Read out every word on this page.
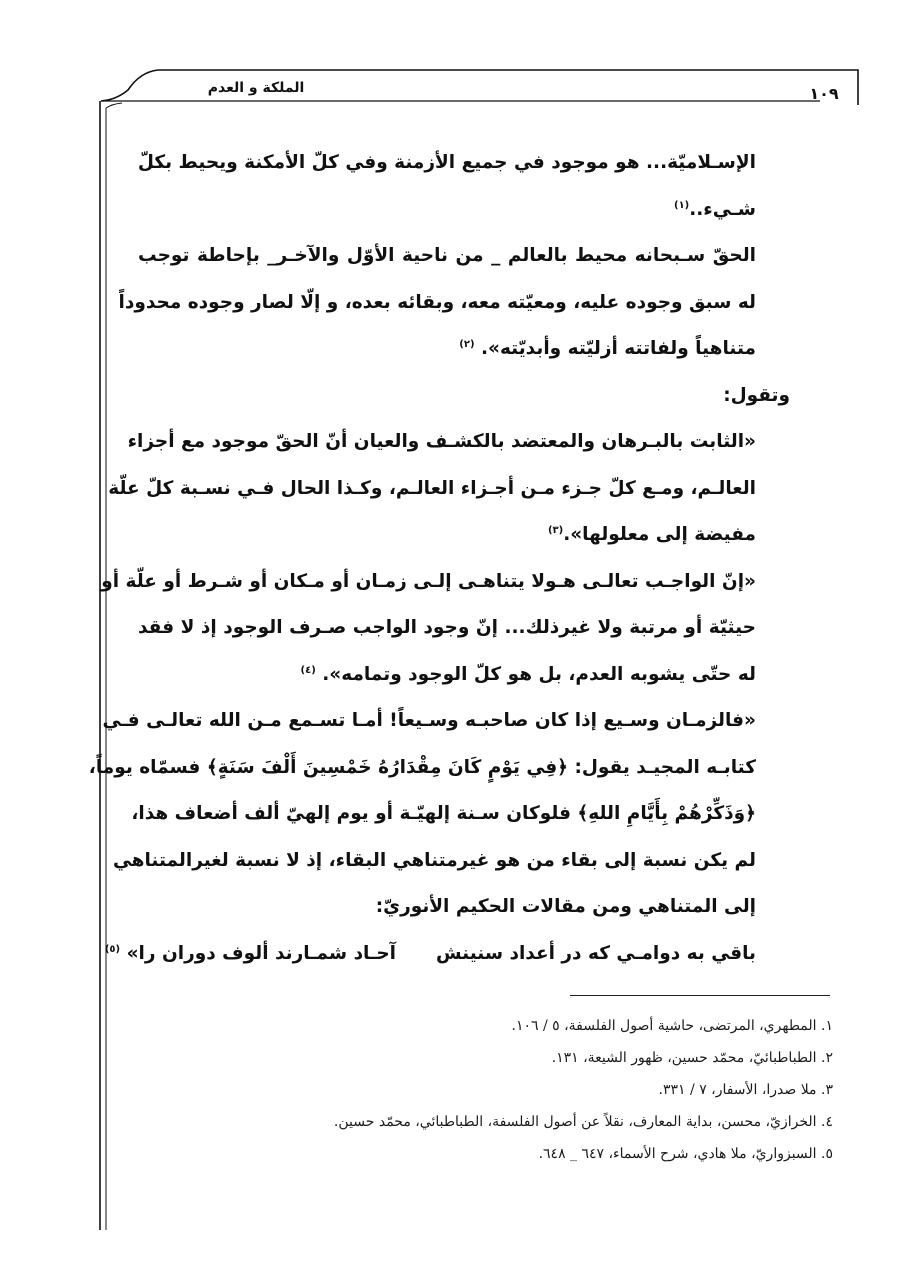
الملكة و العدم	١٠٩
الإسـلاميّة... هو موجود في جميع الأزمنة وفي كلّ الأمكنة ويحيط بكلّ
شـيء..$^{(١)}$
الحقّ سـبحانه محيط بالعالم _ من ناحية الأوّل والآخـر_ بإحاطة توجب
له سبق وجوده عليه، ومعيّته معه، وبقائه بعده، و إلّا لصار وجوده محدوداً
متناهياً ولفاتته أزليّته وأبديّته». $^{(٢)}$
وتقول:
«الثابت بالبـرهان والمعتضد بالكشـف والعيان أنّ الحقّ موجود مع أجزاء
العالـم، ومـع كلّ جـزء مـن أجـزاء العالـم، وكـذا الحال فـي نسـبة كلّ علّة
مفيضة إلى معلولها».$^{(٣)}$
«إنّ الواجـب تعالـى هـولا يتناهـى إلـى زمـان أو مـكان أو شـرط أو علّة أو
حيثيّة أو مرتبة ولا غيرذلك... إنّ وجود الواجب صـرف الوجود إذ لا فقد
له حتّى يشوبه العدم، بل هو كلّ الوجود وتمامه». $^{(٤)}$
«فالزمـان وسـيع إذا كان صاحبـه وسـيعاً! أمـا تسـمع مـن الله تعالـى فـي
كتابـه المجيـد يقول: ﴿فِي يَوْمٍ كَانَ مِقْدَارُهُ خَمْسِينَ أَلْفَ سَنَةٍ﴾ فسمّاه يوماً،
﴿وَذَكِّرْهُمْ بِأَيَّامِ اللهِ﴾ فلوكان سـنة إلهيّـة أو يوم إلهيّ ألف أضعاف هذا،
لم يكن نسبة إلى بقاء من هو غيرمتناهي البقاء، إذ لا نسبة لغيرالمتناهي
إلى المتناهي ومن مقالات الحكيم الأنوريّ:
باقي به دوامـي كه در أعداد سنينشآحـاد شمـارند ألوف دوران را» $^{(٥)}$
١. المطهري، المرتضى، حاشية أصول الفلسفة، ٥ / ١٠٦.
٢. الطباطبائيّ، محمّد حسين، ظهور الشيعة، ١٣١.
٣. ملا صدرا، الأسفار، ٧ / ٣٣١.
٤. الخرازيّ، محسن، بداية المعارف، نقلاً عن أصول الفلسفة، الطباطبائي، محمّد حسين.
٥. السبزواريّ، ملا هادي، شرح الأسماء، ٦٤٧ _ ٦٤٨.
